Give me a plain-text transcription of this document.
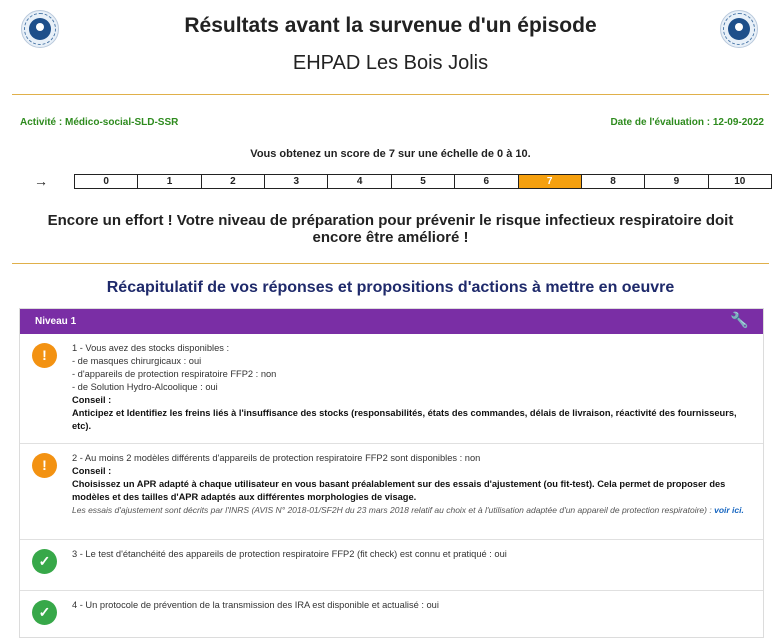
Résultats avant la survenue d'un épisode
EHPAD Les Bois Jolis
Activité : Médico-social-SLD-SSR	Date de l'évaluation : 12-09-2022
Vous obtenez un score de 7 sur une échelle de 0 à 10.
→	0	1	2	3	4	5	6	7	8	9	10
Encore un effort ! Votre niveau de préparation pour prévenir le risque infectieux respiratoire doit encore être amélioré !
Récapitulatif de vos réponses et propositions d'actions à mettre en oeuvre
Niveau 1	🔧
!	1 - Vous avez des stocks disponibles :
- de masques chirurgicaux : oui
- d'appareils de protection respiratoire FFP2 : non
- de Solution Hydro-Alcoolique : oui
Conseil :
Anticipez et Identifiez les freins liés à l'insuffisance des stocks (responsabilités, états des commandes, délais de livraison, réactivité des fournisseurs, etc).
!	2 - Au moins 2 modèles différents d'appareils de protection respiratoire FFP2 sont disponibles : non
Conseil :
Choisissez un APR adapté à chaque utilisateur en vous basant préalablement sur des essais d'ajustement (ou fit-test). Cela permet de proposer des modèles et des tailles d'APR adaptés aux différentes morphologies de visage.
Les essais d'ajustement sont décrits par l'INRS (AVIS N° 2018-01/SF2H du 23 mars 2018 relatif au choix et à l'utilisation adaptée d'un appareil de protection respiratoire) : voir ici.
✓	3 - Le test d'étanchéité des appareils de protection respiratoire FFP2 (fit check) est connu et pratiqué : oui
✓	4 - Un protocole de prévention de la transmission des IRA est disponible et actualisé : oui
